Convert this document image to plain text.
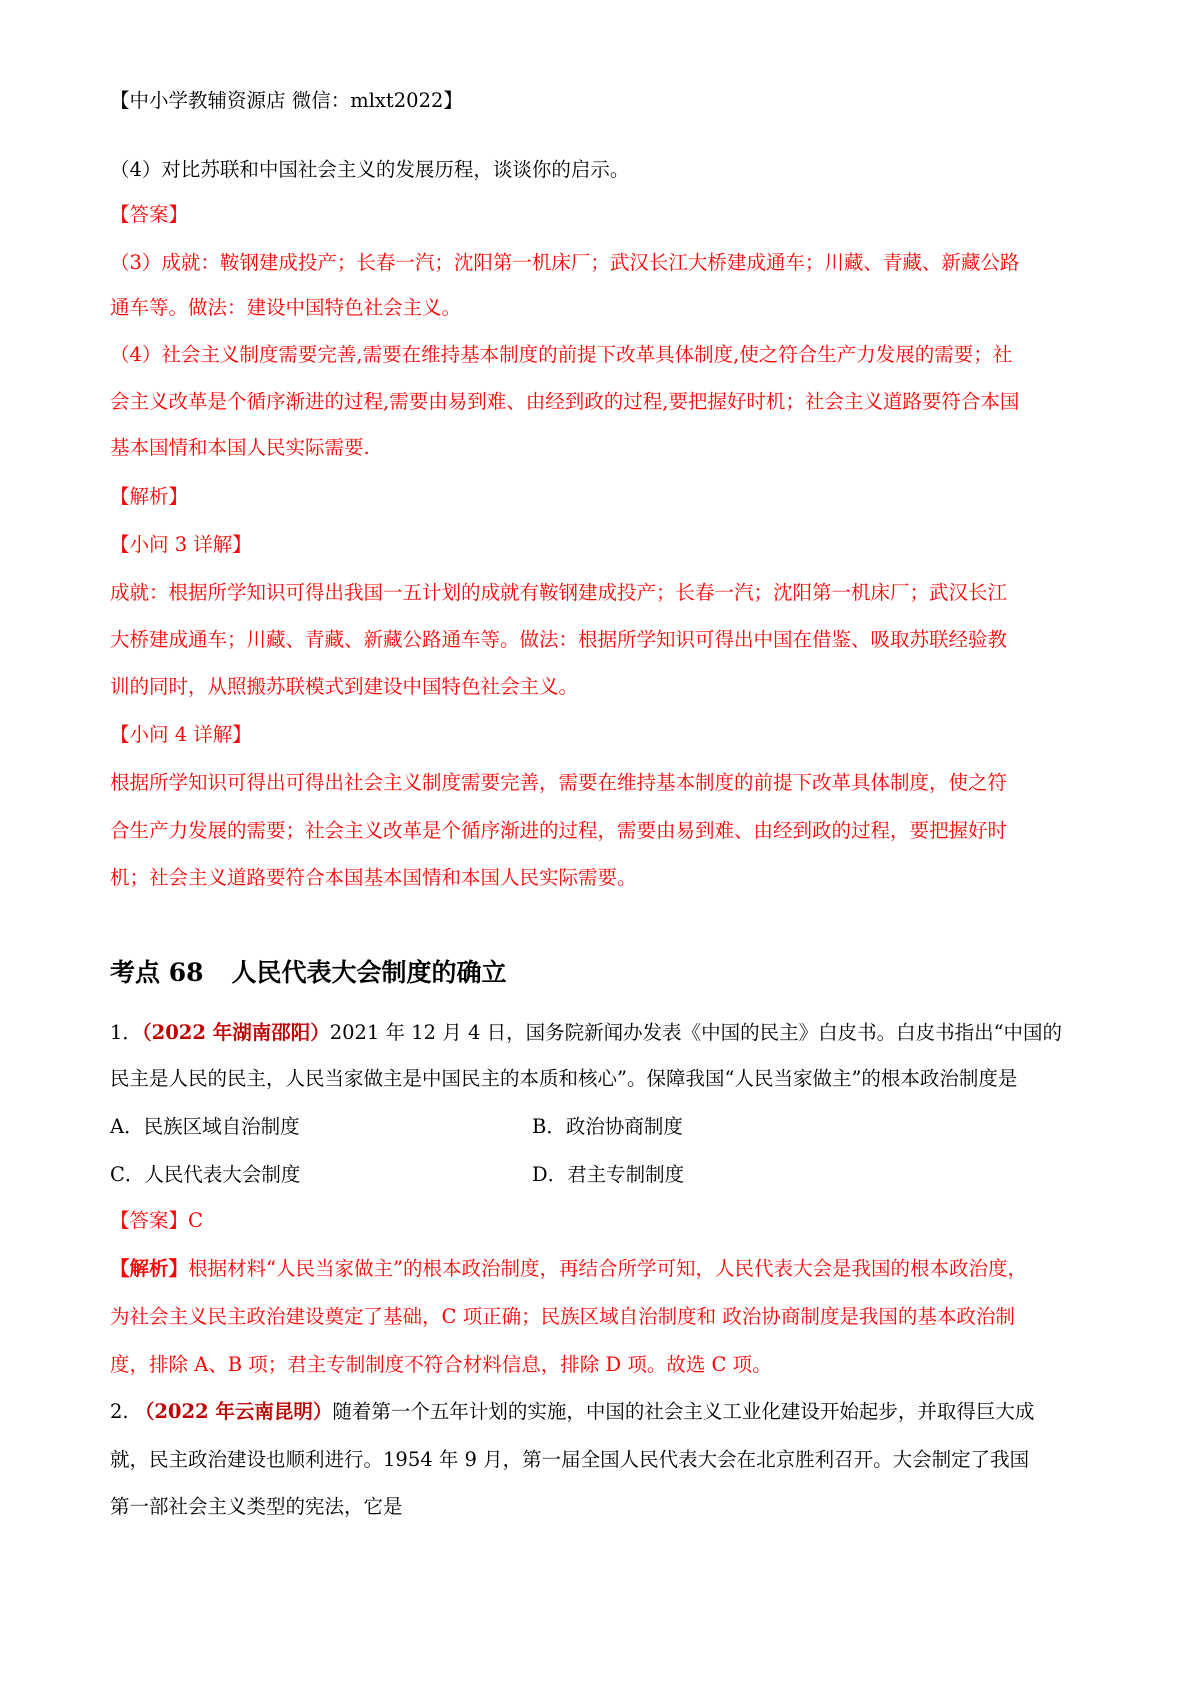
【中小学教辅资源店 微信：mlxt2022】
（4）对比苏联和中国社会主义的发展历程，谈谈你的启示。
【答案】
（3）成就：鞍钢建成投产；长春一汽；沈阳第一机床厂；武汉长江大桥建成通车；川藏、青藏、新藏公路
通车等。做法：建设中国特色社会主义。
（4）社会主义制度需要完善,需要在维持基本制度的前提下改革具体制度,使之符合生产力发展的需要；社
会主义改革是个循序渐进的过程,需要由易到难、由经到政的过程,要把握好时机；社会主义道路要符合本国
基本国情和本国人民实际需要.
【解析】
【小问 3 详解】
成就：根据所学知识可得出我国一五计划的成就有鞍钢建成投产；长春一汽；沈阳第一机床厂；武汉长江
大桥建成通车；川藏、青藏、新藏公路通车等。做法：根据所学知识可得出中国在借鉴、吸取苏联经验教
训的同时，从照搬苏联模式到建设中国特色社会主义。
【小问 4 详解】
根据所学知识可得出可得出社会主义制度需要完善，需要在维持基本制度的前提下改革具体制度，使之符
合生产力发展的需要；社会主义改革是个循序渐进的过程，需要由易到难、由经到政的过程，要把握好时
机；社会主义道路要符合本国基本国情和本国人民实际需要。
考点 68 人民代表大会制度的确立
1．（2022 年湖南邵阳）2021 年 12 月 4 日，国务院新闻办发表《中国的民主》白皮书。白皮书指出“中国的
民主是人民的民主，人民当家做主是中国民主的本质和核心”。保障我国“人民当家做主”的根本政治制度是
A．民族区域自治制度	B．政治协商制度
C．人民代表大会制度	D．君主专制制度
【答案】C
【解析】根据材料“人民当家做主”的根本政治制度，再结合所学可知，人民代表大会是我国的根本政治度，
为社会主义民主政治建设奠定了基础，C 项正确；民族区域自治制度和 政治协商制度是我国的基本政治制
度，排除 A、B 项；君主专制制度不符合材料信息，排除 D 项。故选 C 项。
2. （2022 年云南昆明）随着第一个五年计划的实施，中国的社会主义工业化建设开始起步，并取得巨大成
就，民主政治建设也顺利进行。1954 年 9 月，第一届全国人民代表大会在北京胜利召开。大会制定了我国
第一部社会主义类型的宪法，它是
